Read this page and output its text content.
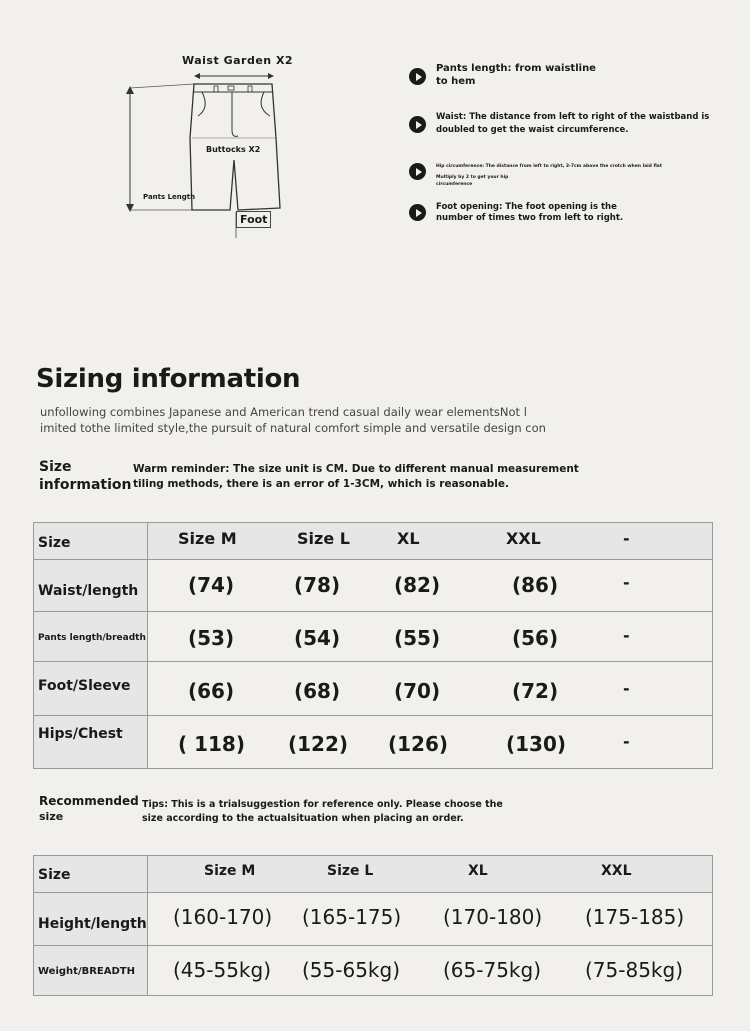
Waist Garden X2
Buttocks X2
Pants Length
Foot
Pants length: from waistline
to hem
Waist: The distance from left to right of the waistband is
doubled to get the waist circumference.
Hip circumference: The distance from left to right, 3-7cm above the crotch when laid flat
Multiply by 2 to get your hip
circumference
Foot opening: The foot opening is the
number of times two from left to right.
Sizing information
unfollowing combines Japanese and American trend casual daily wear elementsNot l
imited tothe limited style,the pursuit of natural comfort simple and versatile design con
Size
information
Warm reminder: The size unit is CM. Due to different manual measurement
tiling methods, there is an error of 1-3CM, which is reasonable.
Size	Size M	Size L	XL	XXL	-
Waist/length (74)	(78)	(82)	(86)	-
Pants length/breadth (53)	(54)	(55)	(56)	-
Foot/Sleeve	(66)	(68)	(70)	(72)	-
Hips/Chest	( 118) (122) (126)	(130)	-
Recommended
size
Tips: This is a trialsuggestion for reference only. Please choose the
size according to the actualsituation when placing an order.
Size	Size M	Size L	XL	XXL
Height/length (160-170) (165-175) (170-180) (175-185)
Weight/BREADTH (45-55kg) (55-65kg) (65-75kg) (75-85kg)
